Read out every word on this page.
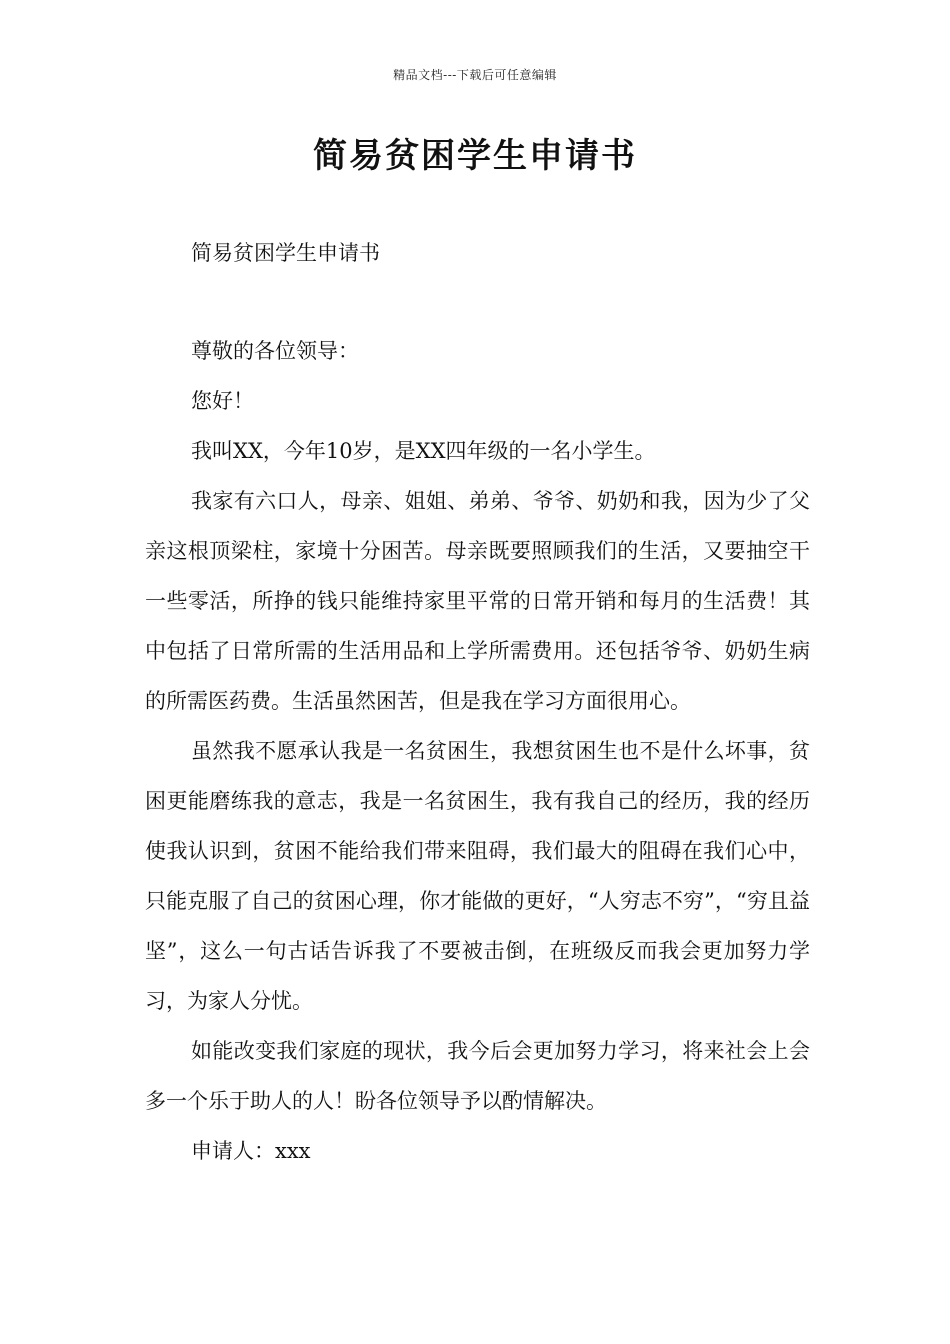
精品文档---下载后可任意编辑
简易贫困学生申请书

简易贫困学生申请书

尊敬的各位领导：

您好！

我叫XX，今年10岁，是XX四年级的一名小学生。

我家有六口人，母亲、姐姐、弟弟、爷爷、奶奶和我，因为少了父亲这根顶梁柱，家境十分困苦。母亲既要照顾我们的生活，又要抽空干一些零活，所挣的钱只能维持家里平常的日常开销和每月的生活费！其中包括了日常所需的生活用品和上学所需费用。还包括爷爷、奶奶生病的所需医药费。生活虽然困苦，但是我在学习方面很用心。

虽然我不愿承认我是一名贫困生，我想贫困生也不是什么坏事，贫困更能磨练我的意志，我是一名贫困生，我有我自己的经历，我的经历使我认识到，贫困不能给我们带来阻碍，我们最大的阻碍在我们心中，只能克服了自己的贫困心理，你才能做的更好，“人穷志不穷”，“穷且益坚”，这么一句古话告诉我了不要被击倒，在班级反而我会更加努力学习，为家人分忧。

如能改变我们家庭的现状，我今后会更加努力学习，将来社会上会多一个乐于助人的人！盼各位领导予以酌情解决。

申请人：xxx
